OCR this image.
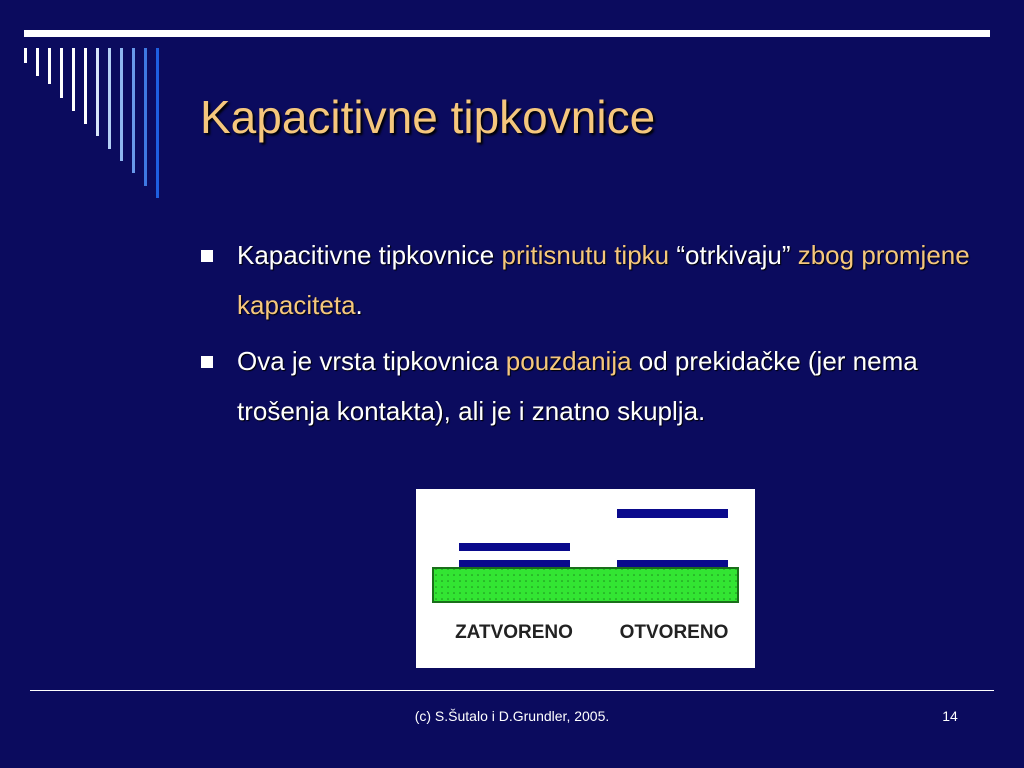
Kapacitivne tipkovnice
Kapacitivne tipkovnice pritisnutu tipku “otrkivaju” zbog promjene kapaciteta.
Ova je vrsta tipkovnica pouzdanija od prekidačke (jer nema trošenja kontakta), ali je i znatno skuplja.
ZATVORENO OTVORENO
(c) S.Šutalo i D.Grundler, 2005.	14
